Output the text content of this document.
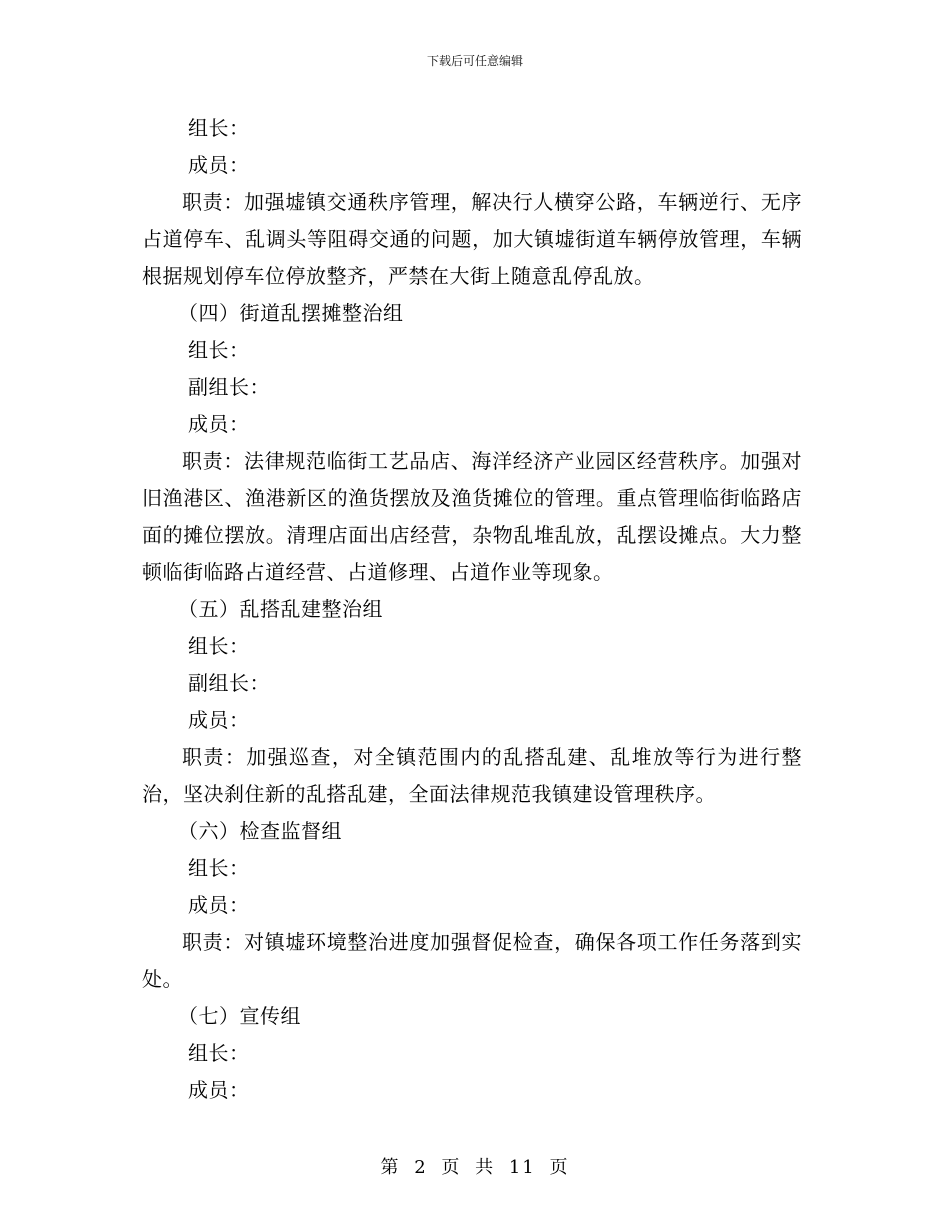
下载后可任意编辑
组长：
成员：
职责：加强墟镇交通秩序管理，解决行人横穿公路，车辆逆行、无序占道停车、乱调头等阻碍交通的问题，加大镇墟街道车辆停放管理，车辆根据规划停车位停放整齐，严禁在大街上随意乱停乱放。
（四）街道乱摆摊整治组
组长：
副组长：
成员：
职责：法律规范临街工艺品店、海洋经济产业园区经营秩序。加强对旧渔港区、渔港新区的渔货摆放及渔货摊位的管理。重点管理临街临路店面的摊位摆放。清理店面出店经营，杂物乱堆乱放，乱摆设摊点。大力整顿临街临路占道经营、占道修理、占道作业等现象。
（五）乱搭乱建整治组
组长：
副组长：
成员：
职责：加强巡查，对全镇范围内的乱搭乱建、乱堆放等行为进行整治，坚决刹住新的乱搭乱建，全面法律规范我镇建设管理秩序。
（六）检查监督组
组长：
成员：
职责：对镇墟环境整治进度加强督促检查，确保各项工作任务落到实处。
（七）宣传组
组长：
成员：
第 2 页 共 11 页
